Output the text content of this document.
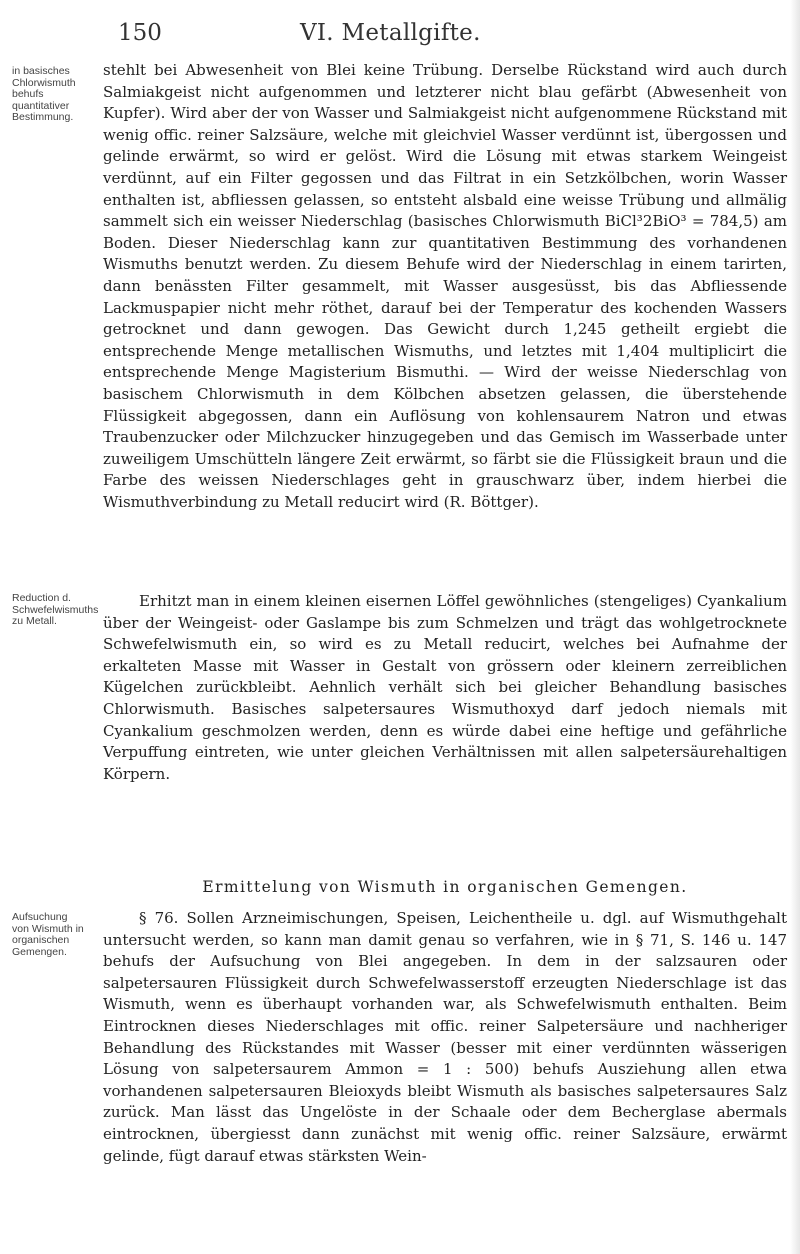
150	VI. Metallgifte.
in basisches Chlorwismuth behufs quantitativer Bestimmung.

stehlt bei Abwesenheit von Blei keine Trübung. Derselbe Rückstand wird auch durch Salmiakgeist nicht aufgenommen und letzterer nicht blau gefärbt (Abwesenheit von Kupfer). Wird aber der von Wasser und Salmiakgeist nicht aufgenommene Rückstand mit wenig offic. reiner Salzsäure, welche mit gleichviel Wasser verdünnt ist, übergossen und gelinde erwärmt, so wird er gelöst. Wird die Lösung mit etwas starkem Weingeist verdünnt, auf ein Filter gegossen und das Filtrat in ein Setzkölbchen, worin Wasser enthalten ist, abfliessen gelassen, so entsteht alsbald eine weisse Trübung und allmälig sammelt sich ein weisser Niederschlag (basisches Chlorwismuth BiCl³2BiO³ = 784,5) am Boden. Dieser Niederschlag kann zur quantitativen Bestimmung des vorhandenen Wismuths benutzt werden. Zu diesem Behufe wird der Niederschlag in einem tarirten, dann benässten Filter gesammelt, mit Wasser ausgesüsst, bis das Abfliessende Lackmuspapier nicht mehr röthet, darauf bei der Temperatur des kochenden Wassers getrocknet und dann gewogen. Das Gewicht durch 1,245 getheilt ergiebt die entsprechende Menge metallischen Wismuths, und letztes mit 1,404 multiplicirt die entsprechende Menge Magisterium Bismuthi. — Wird der weisse Niederschlag von basischem Chlorwismuth in dem Kölbchen absetzen gelassen, die überstehende Flüssigkeit abgegossen, dann ein Auflösung von kohlensaurem Natron und etwas Traubenzucker oder Milchzucker hinzugegeben und das Gemisch im Wasserbade unter zuweiligem Umschütteln längere Zeit erwärmt, so färbt sie die Flüssigkeit braun und die Farbe des weissen Niederschlages geht in grauschwarz über, indem hierbei die Wismuthverbindung zu Metall reducirt wird (R. Böttger).

Reduction d. Schwefelwismuths zu Metall.

Erhitzt man in einem kleinen eisernen Löffel gewöhnliches (stengeliges) Cyankalium über der Weingeist- oder Gaslampe bis zum Schmelzen und trägt das wohlgetrocknete Schwefelwismuth ein, so wird es zu Metall reducirt, welches bei Aufnahme der erkalteten Masse mit Wasser in Gestalt von grössern oder kleinern zerreiblichen Kügelchen zurückbleibt. Aehnlich verhält sich bei gleicher Behandlung basisches Chlorwismuth. Basisches salpetersaures Wismuthoxyd darf jedoch niemals mit Cyankalium geschmolzen werden, denn es würde dabei eine heftige und gefährliche Verpuffung eintreten, wie unter gleichen Verhältnissen mit allen salpetersäurehaltigen Körpern.

Ermittelung von Wismuth in organischen Gemengen.
Aufsuchung von Wismuth in organischen Gemengen.

§ 76. Sollen Arzneimischungen, Speisen, Leichentheile u. dgl. auf Wismuthgehalt untersucht werden, so kann man damit genau so verfahren, wie in § 71, S. 146 u. 147 behufs der Aufsuchung von Blei angegeben. In dem in der salzsauren oder salpetersauren Flüssigkeit durch Schwefelwasserstoff erzeugten Niederschlage ist das Wismuth, wenn es überhaupt vorhanden war, als Schwefelwismuth enthalten. Beim Eintrocknen dieses Niederschlages mit offic. reiner Salpetersäure und nachheriger Behandlung des Rückstandes mit Wasser (besser mit einer verdünnten wässerigen Lösung von salpetersaurem Ammon = 1 : 500) behufs Ausziehung allen etwa vorhandenen salpetersauren Bleioxyds bleibt Wismuth als basisches salpetersaures Salz zurück. Man lässt das Ungelöste in der Schaale oder dem Becherglase abermals eintrocknen, übergiesst dann zunächst mit wenig offic. reiner Salzsäure, erwärmt gelinde, fügt darauf etwas stärksten Wein-
